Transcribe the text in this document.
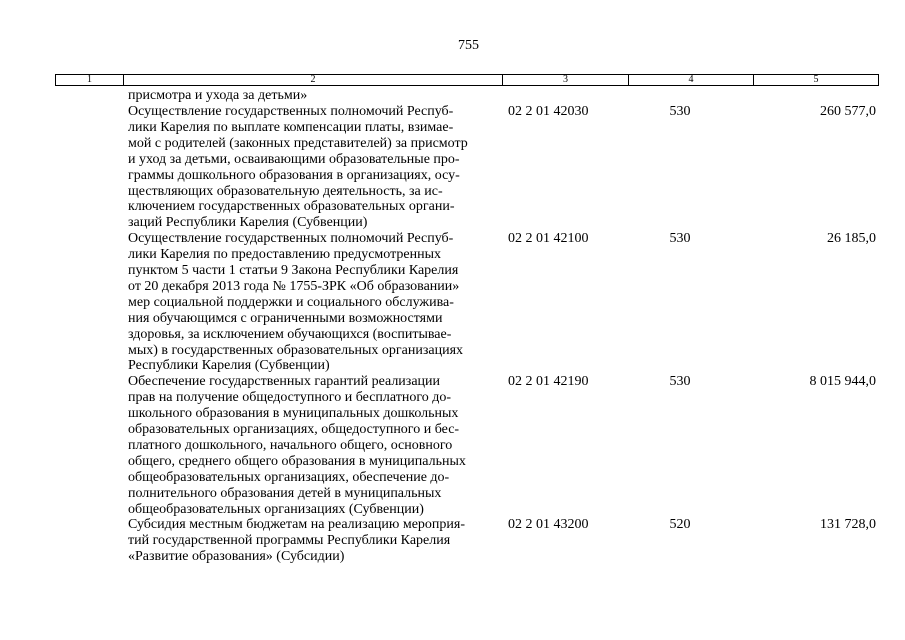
755
1	2	3	4	5
присмотра и ухода за детьми»
Осуществление государственных полномочий Респуб-
лики Карелия по выплате компенсации платы, взимае-
мой с родителей (законных представителей) за присмотр
и уход за детьми, осваивающими образовательные про-
граммы дошкольного образования в организациях, осу-
ществляющих образовательную деятельность, за ис-
ключением государственных образовательных органи-
заций Республики Карелия (Субвенции)
02 2 01 42030	530	260 577,0
Осуществление государственных полномочий Респуб-
лики Карелия по предоставлению предусмотренных
пунктом 5 части 1 статьи 9 Закона Республики Карелия
от 20 декабря 2013 года № 1755-ЗРК «Об образовании»
мер социальной поддержки и социального обслужива-
ния обучающимся с ограниченными возможностями
здоровья, за исключением обучающихся (воспитывае-
мых) в государственных образовательных организациях
Республики Карелия (Субвенции)
02 2 01 42100	530	26 185,0
Обеспечение государственных гарантий реализации
прав на получение общедоступного и бесплатного до-
школьного образования в муниципальных дошкольных
образовательных организациях, общедоступного и бес-
платного дошкольного, начального общего, основного
общего, среднего общего образования в муниципальных
общеобразовательных организациях, обеспечение до-
полнительного образования детей в муниципальных
общеобразовательных организациях (Субвенции)
02 2 01 42190	530	8 015 944,0
Субсидия местным бюджетам на реализацию мероприя-
тий государственной программы Республики Карелия
«Развитие образования» (Субсидии)
02 2 01 43200	520	131 728,0
